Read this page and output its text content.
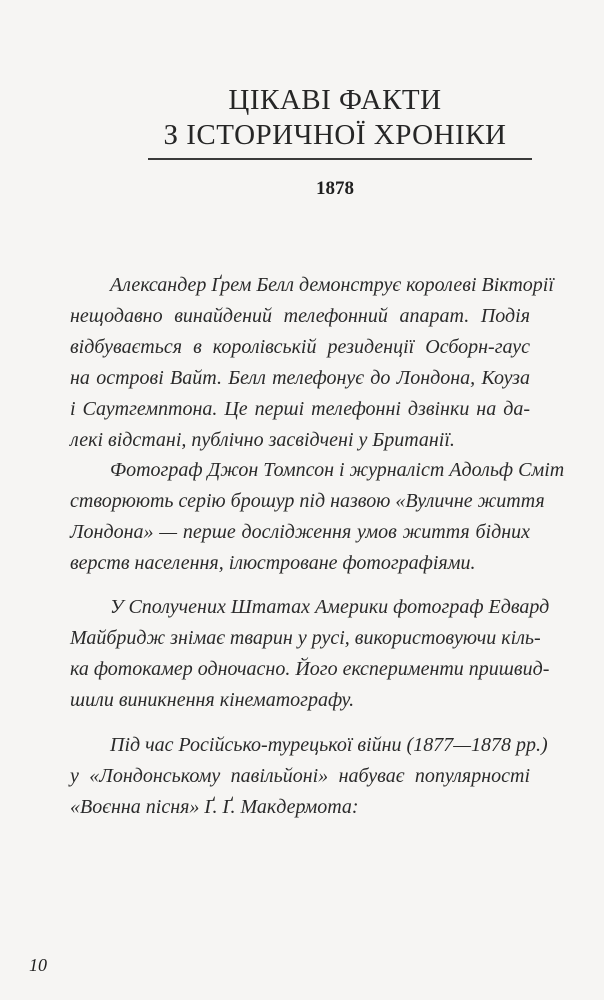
ЦІКАВІ ФАКТИ
З ІСТОРИЧНОЇ ХРОНІКИ
1878
Александер Ґрем Белл демонструє королеві Вікторії
нещодавно винайдений телефонний апарат. Подія
відбувається в королівській резиденції Осборн-гаус
на острові Вайт. Белл телефонує до Лондона, Коуза
і Саутгемптона. Це перші телефонні дзвінки на да-
лекі відстані, публічно засвідчені у Британії.
Фотограф Джон Томпсон і журналіст Адольф Сміт
створюють серію брошур під назвою «Вуличне життя
Лондона» — перше дослідження умов життя бідних
верств населення, ілюстроване фотографіями.
У Сполучених Штатах Америки фотограф Едвард
Майбридж знімає тварин у русі, використовуючи кіль-
ка фотокамер одночасно. Його експерименти пришвид-
шили виникнення кінематографу.
Під час Російсько-турецької війни (1877—1878 рр.)
у «Лондонському павільйоні» набуває популярності
«Воєнна пісня» Ґ. Ґ. Макдермота:
10
